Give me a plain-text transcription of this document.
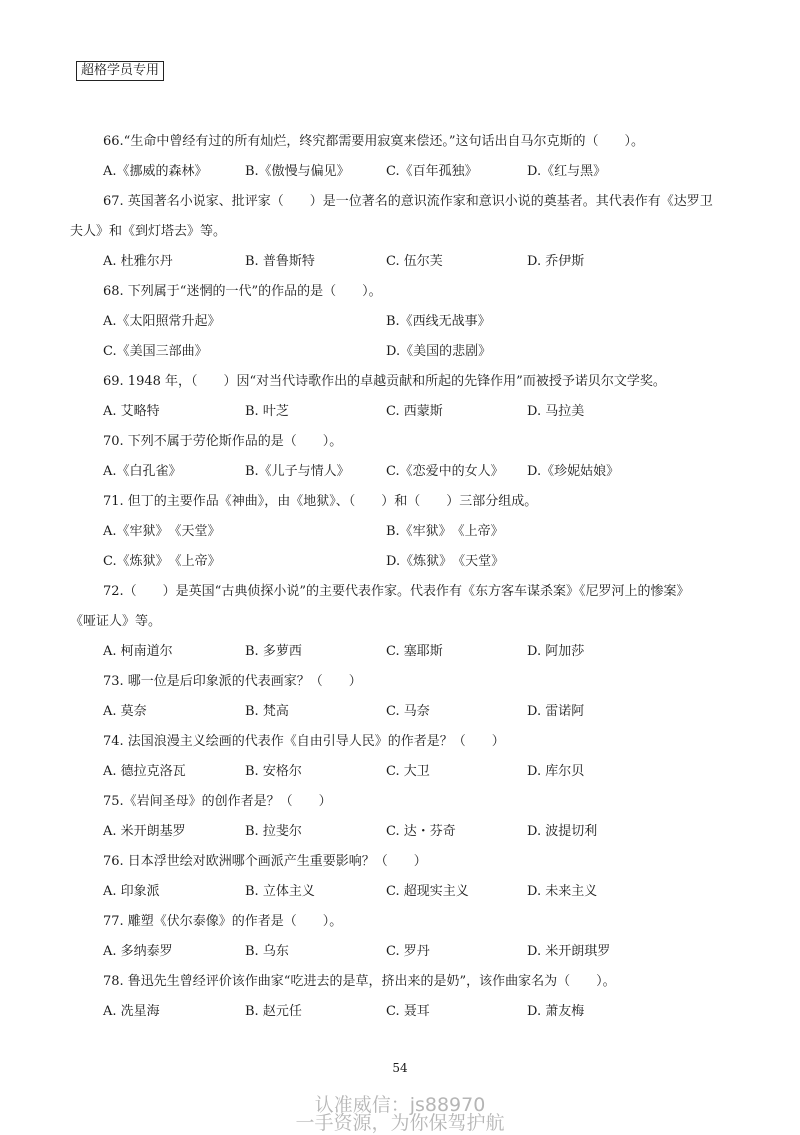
超格学员专用
66.“生命中曾经有过的所有灿烂，终究都需要用寂寞来偿还。”这句话出自马尔克斯的（　　）。
A.《挪威的森林》	B.《傲慢与偏见》	C.《百年孤独》	D.《红与黑》
67. 英国著名小说家、批评家（　　）是一位著名的意识流作家和意识小说的奠基者。其代表作有《达罗卫
夫人》和《到灯塔去》等。
A. 杜雅尔丹	B. 普鲁斯特	C. 伍尔芙	D. 乔伊斯
68. 下列属于“迷惘的一代”的作品的是（　　）。
A.《太阳照常升起》	B.《西线无战事》
C.《美国三部曲》	D.《美国的悲剧》
69. 1948 年，（　　）因“对当代诗歌作出的卓越贡献和所起的先锋作用”而被授予诺贝尔文学奖。
A. 艾略特	B. 叶芝	C. 西蒙斯	D. 马拉美
70. 下列不属于劳伦斯作品的是（　　）。
A.《白孔雀》	B.《儿子与情人》	C.《恋爱中的女人》 D.《珍妮姑娘》
71. 但丁的主要作品《神曲》，由《地狱》、（　　）和（　　）三部分组成。
A.《牢狱》　《天堂》	B.《牢狱》　《上帝》
C.《炼狱》　《上帝》	D.《炼狱》　《天堂》
72.（　　）是英国“古典侦探小说”的主要代表作家。代表作有《东方客车谋杀案》《尼罗河上的惨案》
《哑证人》等。
A. 柯南道尔	B. 多萝西	C. 塞耶斯	D. 阿加莎
73. 哪一位是后印象派的代表画家？（　　）
A. 莫奈	B. 梵高	C. 马奈	D. 雷诺阿
74. 法国浪漫主义绘画的代表作《自由引导人民》的作者是？（　　）
A. 德拉克洛瓦	B. 安格尔	C. 大卫	D. 库尔贝
75.《岩间圣母》的创作者是？（　　）
A. 米开朗基罗	B. 拉斐尔	C. 达・芬奇	D. 波提切利
76. 日本浮世绘对欧洲哪个画派产生重要影响？（　　）
A. 印象派	B. 立体主义	C. 超现实主义	D. 未来主义
77. 雕塑《伏尔泰像》的作者是（　　）。
A. 多纳泰罗	B. 乌东	C. 罗丹	D. 米开朗琪罗
78. 鲁迅先生曾经评价该作曲家“吃进去的是草，挤出来的是奶”，该作曲家名为（　　）。
A. 冼星海	B. 赵元任	C. 聂耳	D. 萧友梅
54
认准威信：js88970
一手资源，为你保驾护航
